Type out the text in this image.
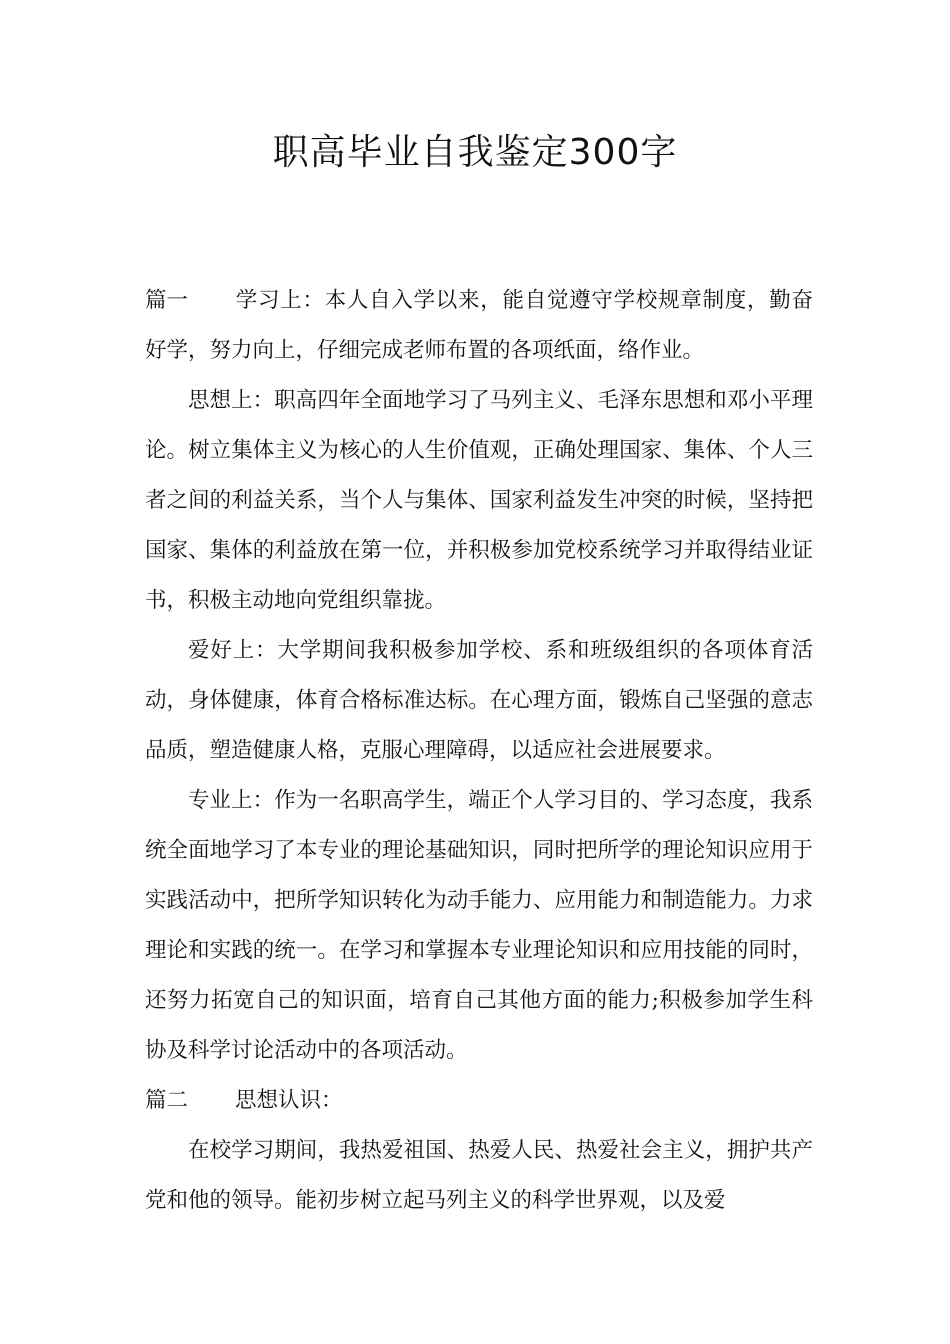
职高毕业自我鉴定300字

篇一 学习上：本人自入学以来，能自觉遵守学校规章制度，勤奋好学，努力向上，仔细完成老师布置的各项纸面，络作业。

思想上：职高四年全面地学习了马列主义、毛泽东思想和邓小平理论。树立集体主义为核心的人生价值观，正确处理国家、集体、个人三者之间的利益关系，当个人与集体、国家利益发生冲突的时候，坚持把国家、集体的利益放在第一位，并积极参加党校系统学习并取得结业证书，积极主动地向党组织靠拢。

爱好上：大学期间我积极参加学校、系和班级组织的各项体育活动，身体健康，体育合格标准达标。在心理方面，锻炼自己坚强的意志品质，塑造健康人格，克服心理障碍，以适应社会进展要求。

专业上：作为一名职高学生，端正个人学习目的、学习态度，我系统全面地学习了本专业的理论基础知识，同时把所学的理论知识应用于实践活动中，把所学知识转化为动手能力、应用能力和制造能力。力求理论和实践的统一。在学习和掌握本专业理论知识和应用技能的同时，还努力拓宽自己的知识面，培育自己其他方面的能力;积极参加学生科协及科学讨论活动中的各项活动。

篇二 思想认识：

在校学习期间，我热爱祖国、热爱人民、热爱社会主义，拥护共产党和他的领导。能初步树立起马列主义的科学世界观，以及爱
